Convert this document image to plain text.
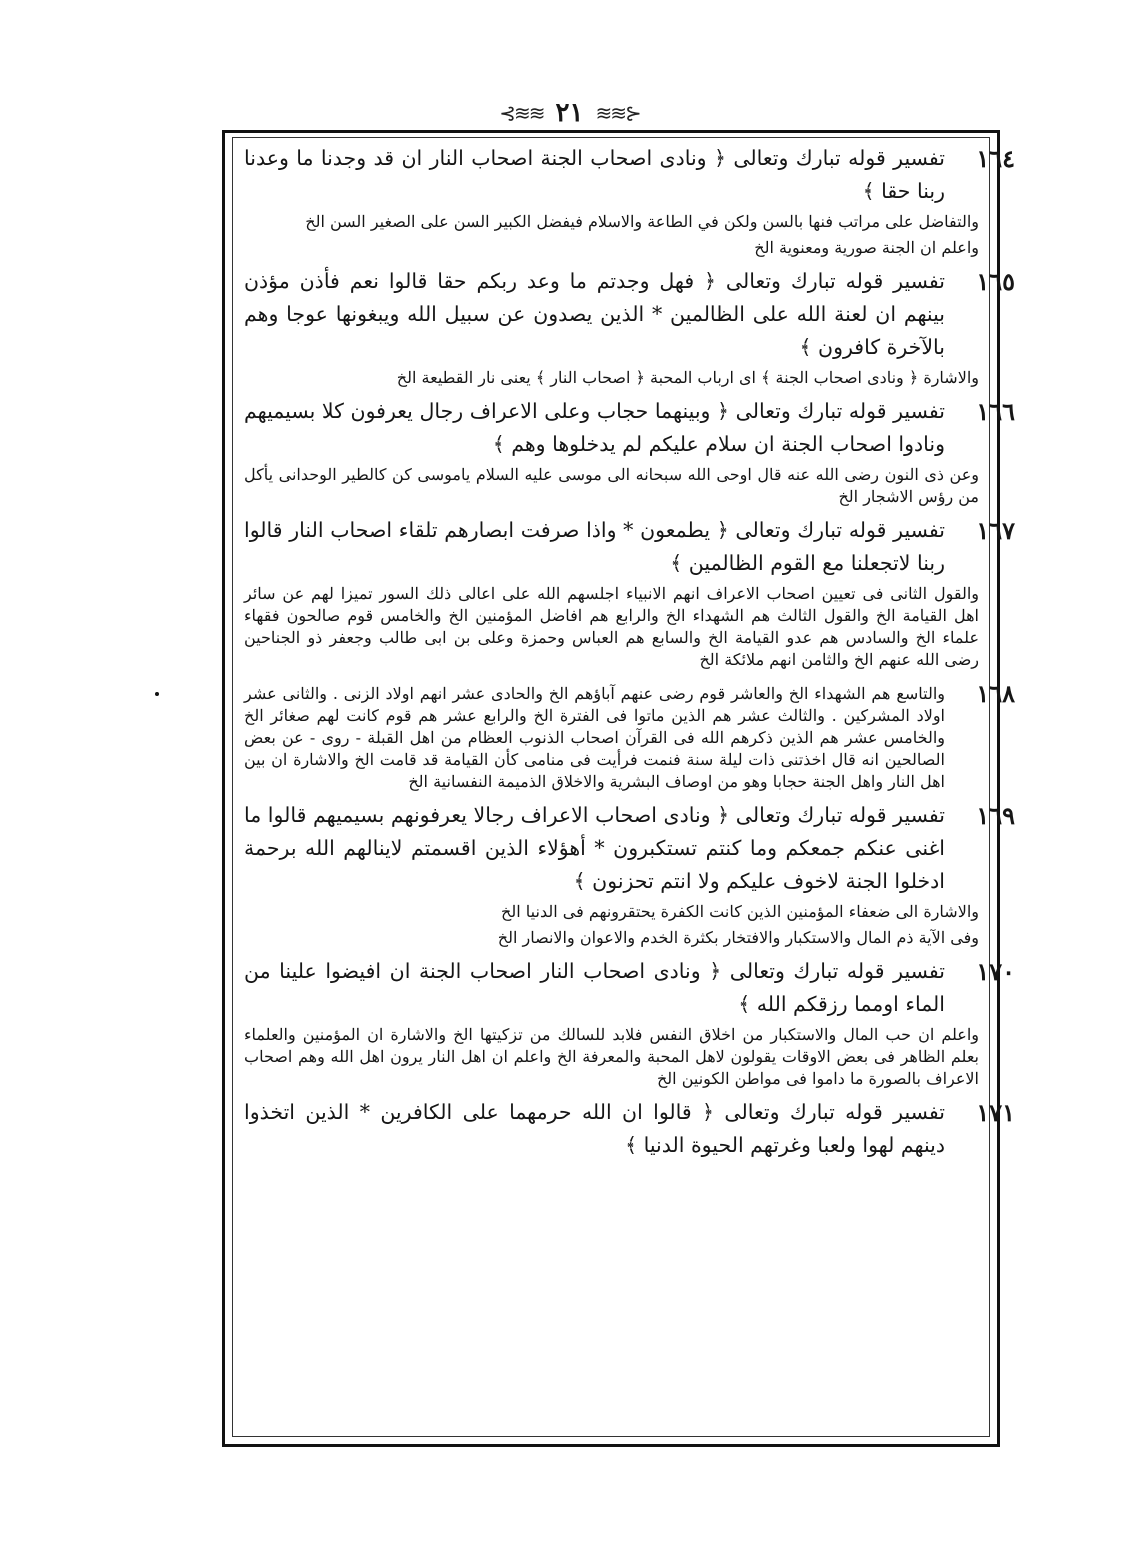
⊰≋≋ ٢١ ≋≋⊱
١٦٤
تفسير قوله تبارك وتعالى ﴿ ونادى اصحاب الجنة اصحاب النار ان قد وجدنا ما وعدنا ربنا حقا ﴾

والتفاضل على مراتب فنها بالسن ولكن في الطاعة والاسلام فيفضل الكبير السن على الصغير السن الخ

واعلم ان الجنة صورية ومعنوية الخ

١٦٥
تفسير قوله تبارك وتعالى ﴿ فهل وجدتم ما وعد ربكم حقا قالوا نعم فأذن مؤذن بينهم ان لعنة الله على الظالمين * الذين يصدون عن سبيل الله ويبغونها عوجا وهم بالآخرة كافرون ﴾

والاشارة ﴿ ونادى اصحاب الجنة ﴾ اى ارباب المحبة ﴿ اصحاب النار ﴾ يعنى نار القطيعة الخ

١٦٦
تفسير قوله تبارك وتعالى ﴿ وبينهما حجاب وعلى الاعراف رجال يعرفون كلا بسيميهم ونادوا اصحاب الجنة ان سلام عليكم لم يدخلوها وهم ﴾

وعن ذى النون رضى الله عنه قال اوحى الله سبحانه الى موسى عليه السلام ياموسى كن كالطير الوحدانى يأكل من رؤس الاشجار الخ

١٦٧
تفسير قوله تبارك وتعالى ﴿ يطمعون * واذا صرفت ابصارهم تلقاء اصحاب النار قالوا ربنا لاتجعلنا مع القوم الظالمين ﴾

والقول الثانى فى تعيين اصحاب الاعراف انهم الانبياء اجلسهم الله على اعالى ذلك السور تميزا لهم عن سائر اهل القيامة الخ والقول الثالث هم الشهداء الخ والرابع هم افاضل المؤمنين الخ والخامس قوم صالحون فقهاء علماء الخ والسادس هم عدو القيامة الخ والسابع هم العباس وحمزة وعلى بن ابى طالب وجعفر ذو الجناحين رضى الله عنهم الخ والثامن انهم ملائكة الخ

١٦٨

والتاسع هم الشهداء الخ والعاشر قوم رضى عنهم آباؤهم الخ والحادى عشر انهم اولاد الزنى . والثانى عشر اولاد المشركين . والثالث عشر هم الذين ماتوا فى الفترة الخ والرابع عشر هم قوم كانت لهم صغائر الخ والخامس عشر هم الذين ذكرهم الله فى القرآن اصحاب الذنوب العظام من اهل القبلة - روى - عن بعض الصالحين انه قال اخذتنى ذات ليلة سنة فنمت فرأيت فى منامى كأن القيامة قد قامت الخ والاشارة ان بين اهل النار واهل الجنة حجابا وهو من اوصاف البشرية والاخلاق الذميمة النفسانية الخ

١٦٩
تفسير قوله تبارك وتعالى ﴿ ونادى اصحاب الاعراف رجالا يعرفونهم بسيميهم قالوا ما اغنى عنكم جمعكم وما كنتم تستكبرون * أهؤلاء الذين اقسمتم لاينالهم الله برحمة ادخلوا الجنة لاخوف عليكم ولا انتم تحزنون ﴾

والاشارة الى ضعفاء المؤمنين الذين كانت الكفرة يحتقرونهم فى الدنيا الخ

وفى الآية ذم المال والاستكبار والافتخار بكثرة الخدم والاعوان والانصار الخ

١٧٠
تفسير قوله تبارك وتعالى ﴿ ونادى اصحاب النار اصحاب الجنة ان افيضوا علينا من الماء اومما رزقكم الله ﴾

واعلم ان حب المال والاستكبار من اخلاق النفس فلابد للسالك من تزكيتها الخ والاشارة ان المؤمنين والعلماء بعلم الظاهر فى بعض الاوقات يقولون لاهل المحبة والمعرفة الخ واعلم ان اهل النار يرون اهل الله وهم اصحاب الاعراف بالصورة ما داموا فى مواطن الكونين الخ

١٧١
تفسير قوله تبارك وتعالى ﴿ قالوا ان الله حرمهما على الكافرين * الذين اتخذوا دينهم لهوا ولعبا وغرتهم الحيوة الدنيا ﴾
